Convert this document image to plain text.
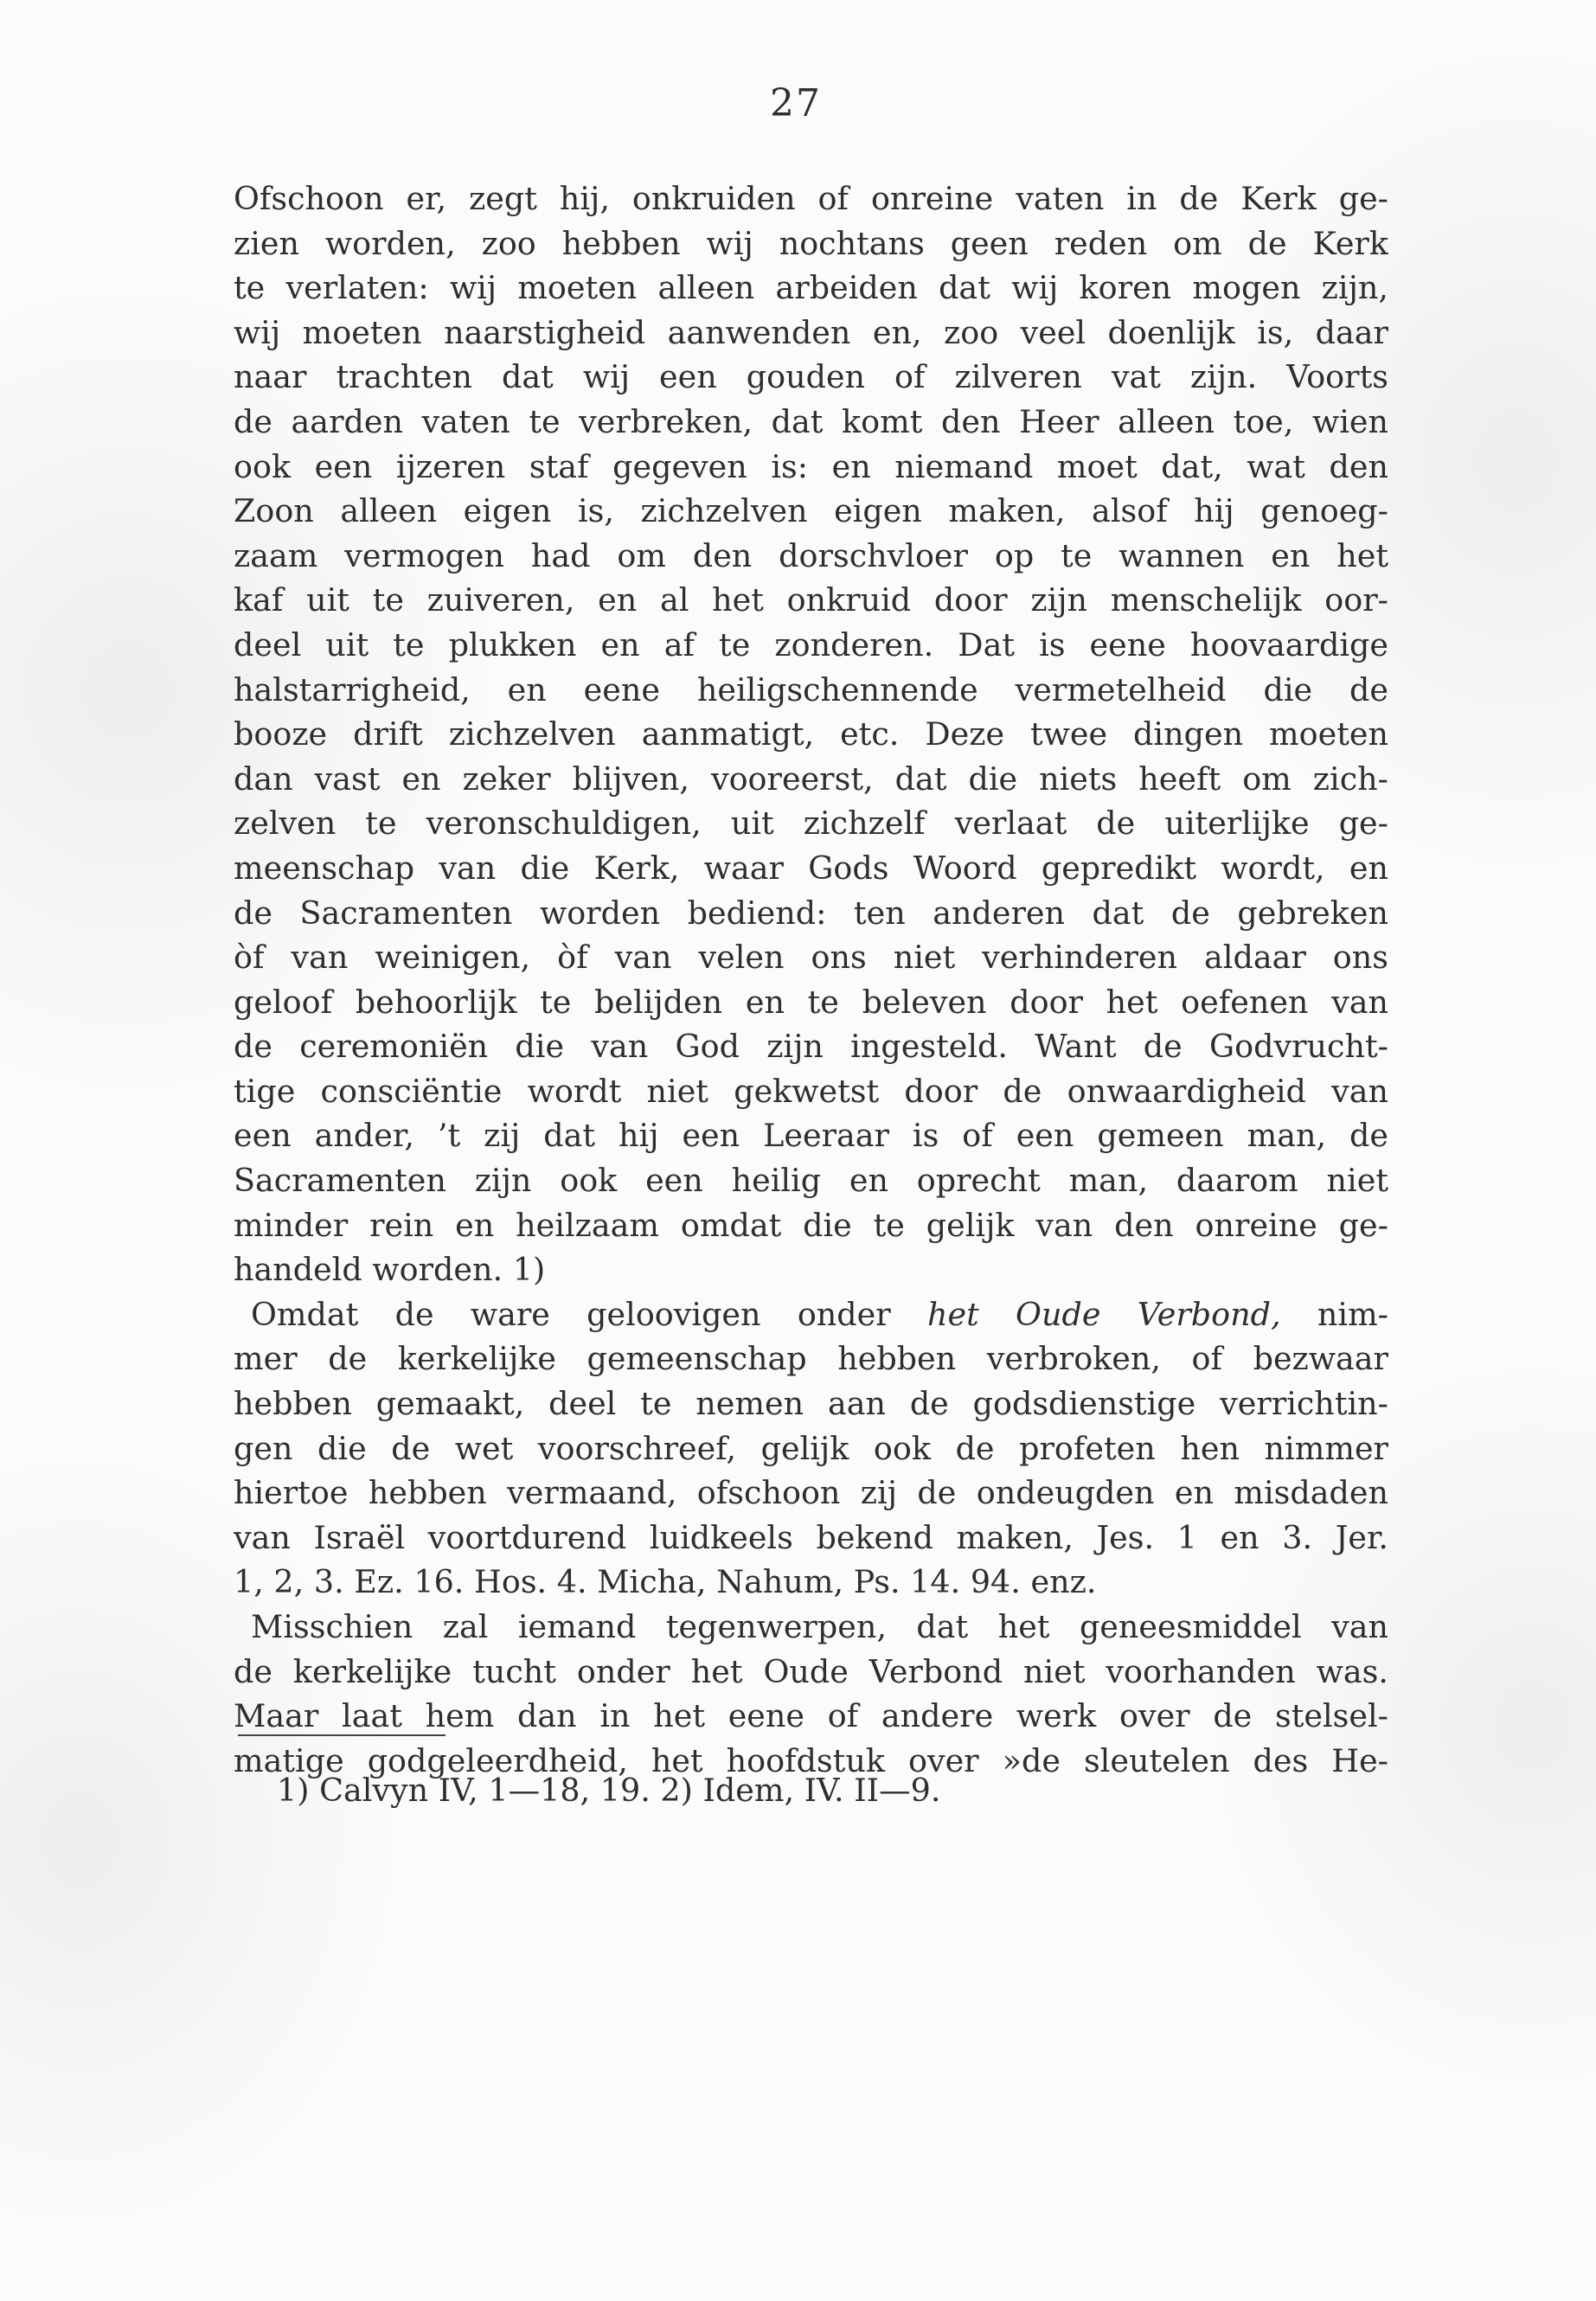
27
Ofschoon er, zegt hij, onkruiden of onreine vaten in de Kerk ge-
zien worden, zoo hebben wij nochtans geen reden om de Kerk
te verlaten: wij moeten alleen arbeiden dat wij koren mogen zijn,
wij moeten naarstigheid aanwenden en, zoo veel doenlijk is, daar
naar trachten dat wij een gouden of zilveren vat zijn. Voorts
de aarden vaten te verbreken, dat komt den Heer alleen toe, wien
ook een ijzeren staf gegeven is: en niemand moet dat, wat den
Zoon alleen eigen is, zichzelven eigen maken, alsof hij genoeg-
zaam vermogen had om den dorschvloer op te wannen en het
kaf uit te zuiveren, en al het onkruid door zijn menschelijk oor-
deel uit te plukken en af te zonderen. Dat is eene hoovaardige
halstarrigheid, en eene heiligschennende vermetelheid die de
booze drift zichzelven aanmatigt, etc. Deze twee dingen moeten
dan vast en zeker blijven, vooreerst, dat die niets heeft om zich-
zelven te veronschuldigen, uit zichzelf verlaat de uiterlijke ge-
meenschap van die Kerk, waar Gods Woord gepredikt wordt, en
de Sacramenten worden bediend: ten anderen dat de gebreken
òf van weinigen, òf van velen ons niet verhinderen aldaar ons
geloof behoorlijk te belijden en te beleven door het oefenen van
de ceremoniën die van God zijn ingesteld. Want de Godvrucht-
tige consciëntie wordt niet gekwetst door de onwaardigheid van
een ander, ’t zij dat hij een Leeraar is of een gemeen man, de
Sacramenten zijn ook een heilig en oprecht man, daarom niet
minder rein en heilzaam omdat die te gelijk van den onreine ge-
handeld worden. 1)
Omdat de ware geloovigen onder het Oude Verbond, nim-
mer de kerkelijke gemeenschap hebben verbroken, of bezwaar
hebben gemaakt, deel te nemen aan de godsdienstige verrichtin-
gen die de wet voorschreef, gelijk ook de profeten hen nimmer
hiertoe hebben vermaand, ofschoon zij de ondeugden en misdaden
van Israël voortdurend luidkeels bekend maken, Jes. 1 en 3. Jer.
1, 2, 3. Ez. 16. Hos. 4. Micha, Nahum, Ps. 14. 94. enz.
Misschien zal iemand tegenwerpen, dat het geneesmiddel van
de kerkelijke tucht onder het Oude Verbond niet voorhanden was.
Maar laat hem dan in het eene of andere werk over de stelsel-
matige godgeleerdheid, het hoofdstuk over »de sleutelen des He-
1) Calvyn IV, 1—18, 19. 2) Idem, IV. II—9.
